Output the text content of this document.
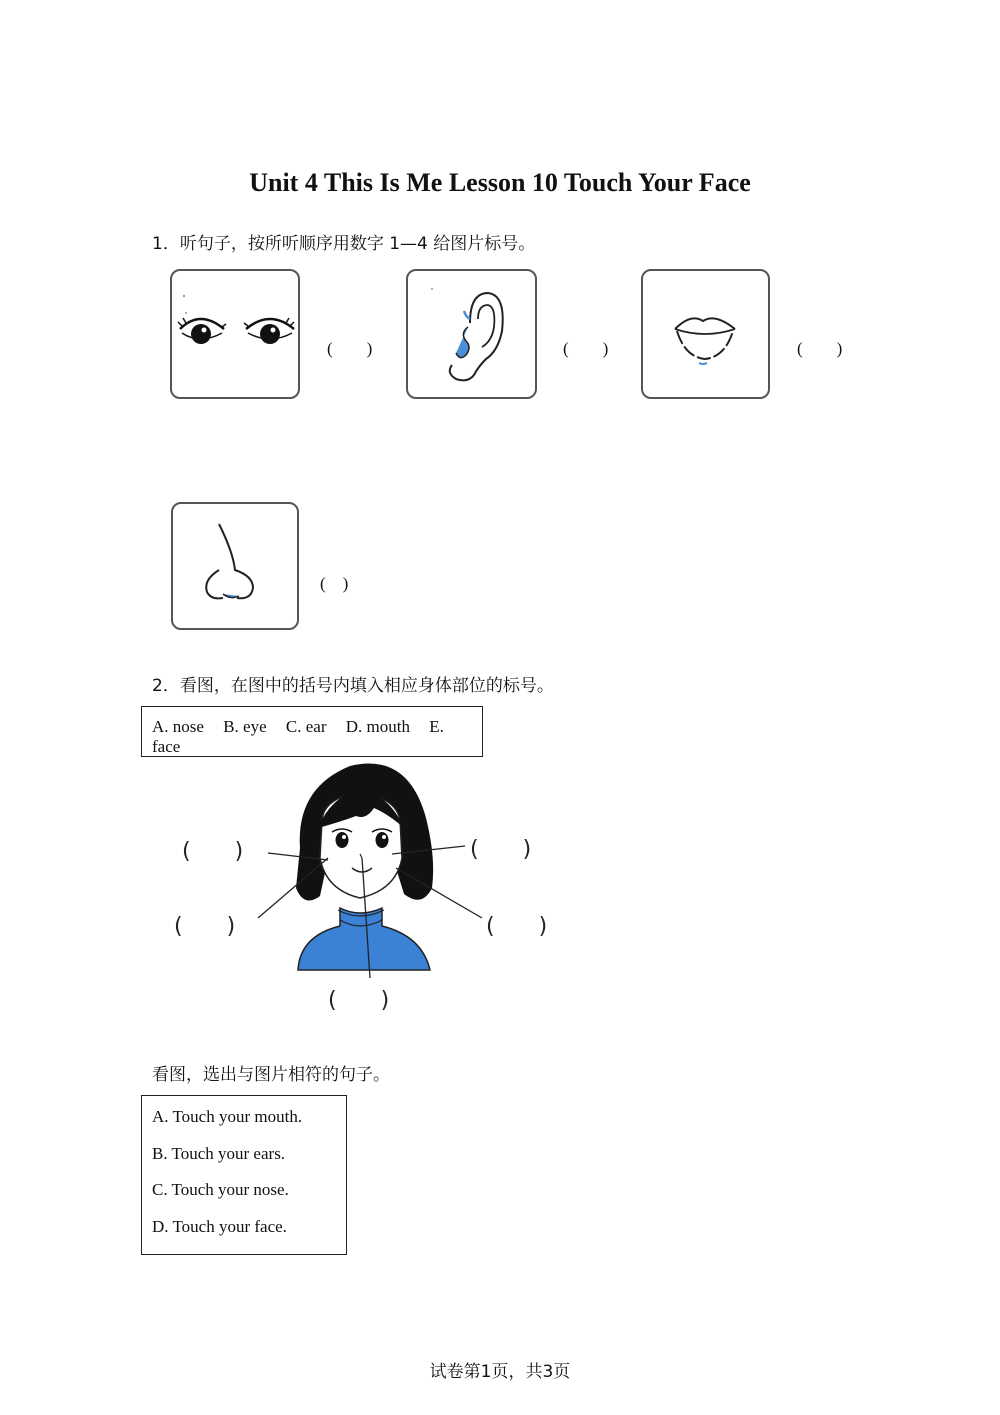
Unit 4 This Is Me Lesson 10 Touch Your Face
1．听句子，按所听顺序用数字 1—4 给图片标号。
(　　)	(　　)	(　　)
(　)
2．看图，在图中的括号内填入相应身体部位的标号。
A. nose B. eye C. ear D. mouth E. face
(　　)
(　　)
(　　)
(　　)
(　　)
看图，选出与图片相符的句子。
A. Touch your mouth.
B. Touch your ears.
C. Touch your nose.
D. Touch your face.
试卷第1页，共3页
